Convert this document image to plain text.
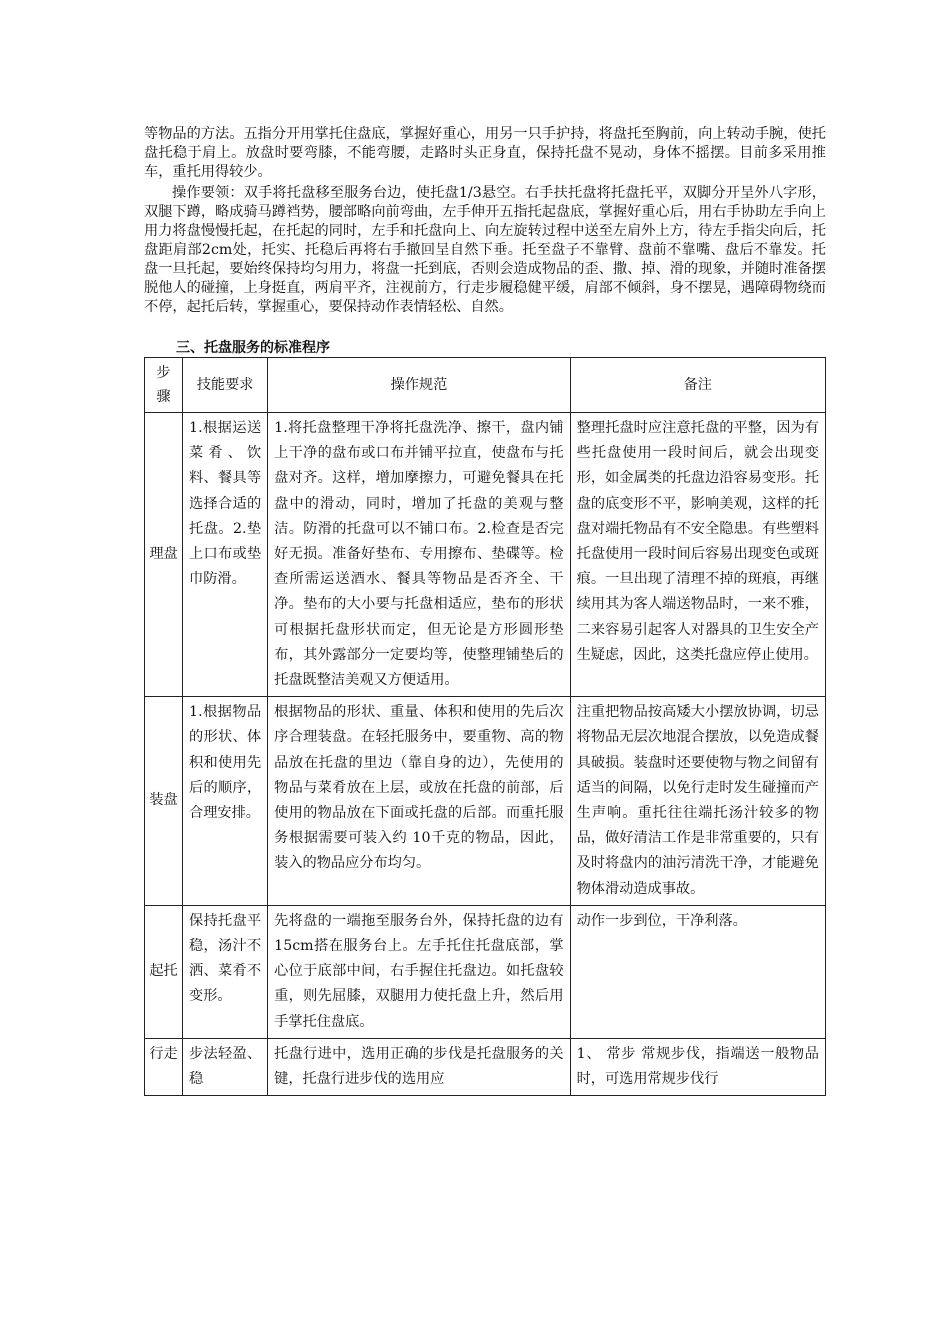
等物品的方法。五指分开用掌托住盘底，掌握好重心，用另一只手护持，将盘托至胸前，向上转动手腕，使托盘托稳于肩上。放盘时要弯膝，不能弯腰，走路时头正身直，保持托盘不晃动，身体不摇摆。目前多采用推车，重托用得较少。

操作要领：双手将托盘移至服务台边，使托盘1/3悬空。右手扶托盘将托盘托平，双脚分开呈外八字形，双腿下蹲，略成骑马蹲裆势，腰部略向前弯曲，左手伸开五指托起盘底，掌握好重心后，用右手协助左手向上用力将盘慢慢托起，在托起的同时，左手和托盘向上、向左旋转过程中送至左肩外上方，待左手指尖向后，托盘距肩部2cm处，托实、托稳后再将右手撤回呈自然下垂。托至盘子不靠臂、盘前不靠嘴、盘后不靠发。托盘一旦托起，要始终保持均匀用力，将盘一托到底，否则会造成物品的歪、撒、掉、滑的现象，并随时准备摆脱他人的碰撞，上身挺直，两肩平齐，注视前方，行走步履稳健平缓，肩部不倾斜，身不摆晃，遇障碍物绕而不停，起托后转，掌握重心，要保持动作表情轻松、自然。

三、托盘服务的标准程序

步骤	技能要求	操作规范	备注
理盘	1.根据运送菜肴、饮料、餐具等选择合适的托盘。2.垫上口布或垫巾防滑。	1.将托盘整理干净将托盘洗净、擦干，盘内铺上干净的盘布或口布并铺平拉直，使盘布与托盘对齐。这样，增加摩擦力，可避免餐具在托盘中的滑动，同时，增加了托盘的美观与整洁。防滑的托盘可以不铺口布。2.检查是否完好无损。准备好垫布、专用擦布、垫碟等。检查所需运送酒水、餐具等物品是否齐全、干净。垫布的大小要与托盘相适应，垫布的形状可根据托盘形状而定，但无论是方形圆形垫布，其外露部分一定要均等，使整理铺垫后的托盘既整洁美观又方便适用。	整理托盘时应注意托盘的平整，因为有些托盘使用一段时间后，就会出现变形，如金属类的托盘边沿容易变形。托盘的底变形不平，影响美观，这样的托盘对端托物品有不安全隐患。有些塑料托盘使用一段时间后容易出现变色或斑痕。一旦出现了清理不掉的斑痕，再继续用其为客人端送物品时，一来不雅，二来容易引起客人对器具的卫生安全产生疑虑，因此，这类托盘应停止使用。
装盘	1.根据物品的形状、体积和使用先后的顺序，合理安排。	根据物品的形状、重量、体积和使用的先后次序合理装盘。在轻托服务中，要重物、高的物品放在托盘的里边（靠自身的边），先使用的物品与菜肴放在上层，或放在托盘的前部，后使用的物品放在下面或托盘的后部。而重托服务根据需要可装入约 10千克的物品，因此，装入的物品应分布均匀。	注重把物品按高矮大小摆放协调，切忌将物品无层次地混合摆放，以免造成餐具破损。装盘时还要使物与物之间留有适当的间隔，以免行走时发生碰撞而产生声响。重托往往端托汤汁较多的物品，做好清洁工作是非常重要的，只有及时将盘内的油污清洗干净，才能避免物体滑动造成事故。
起托	保持托盘平稳，汤汁不洒、菜肴不变形。	先将盘的一端拖至服务台外，保持托盘的边有15cm搭在服务台上。左手托住托盘底部，掌心位于底部中间，右手握住托盘边。如托盘较重，则先屈膝，双腿用力使托盘上升，然后用手掌托住盘底。	动作一步到位，干净利落。
行走	步法轻盈、稳	托盘行进中，选用正确的步伐是托盘服务的关键，托盘行进步伐的选用应	1、 常步 常规步伐，指端送一般物品时，可选用常规步伐行
